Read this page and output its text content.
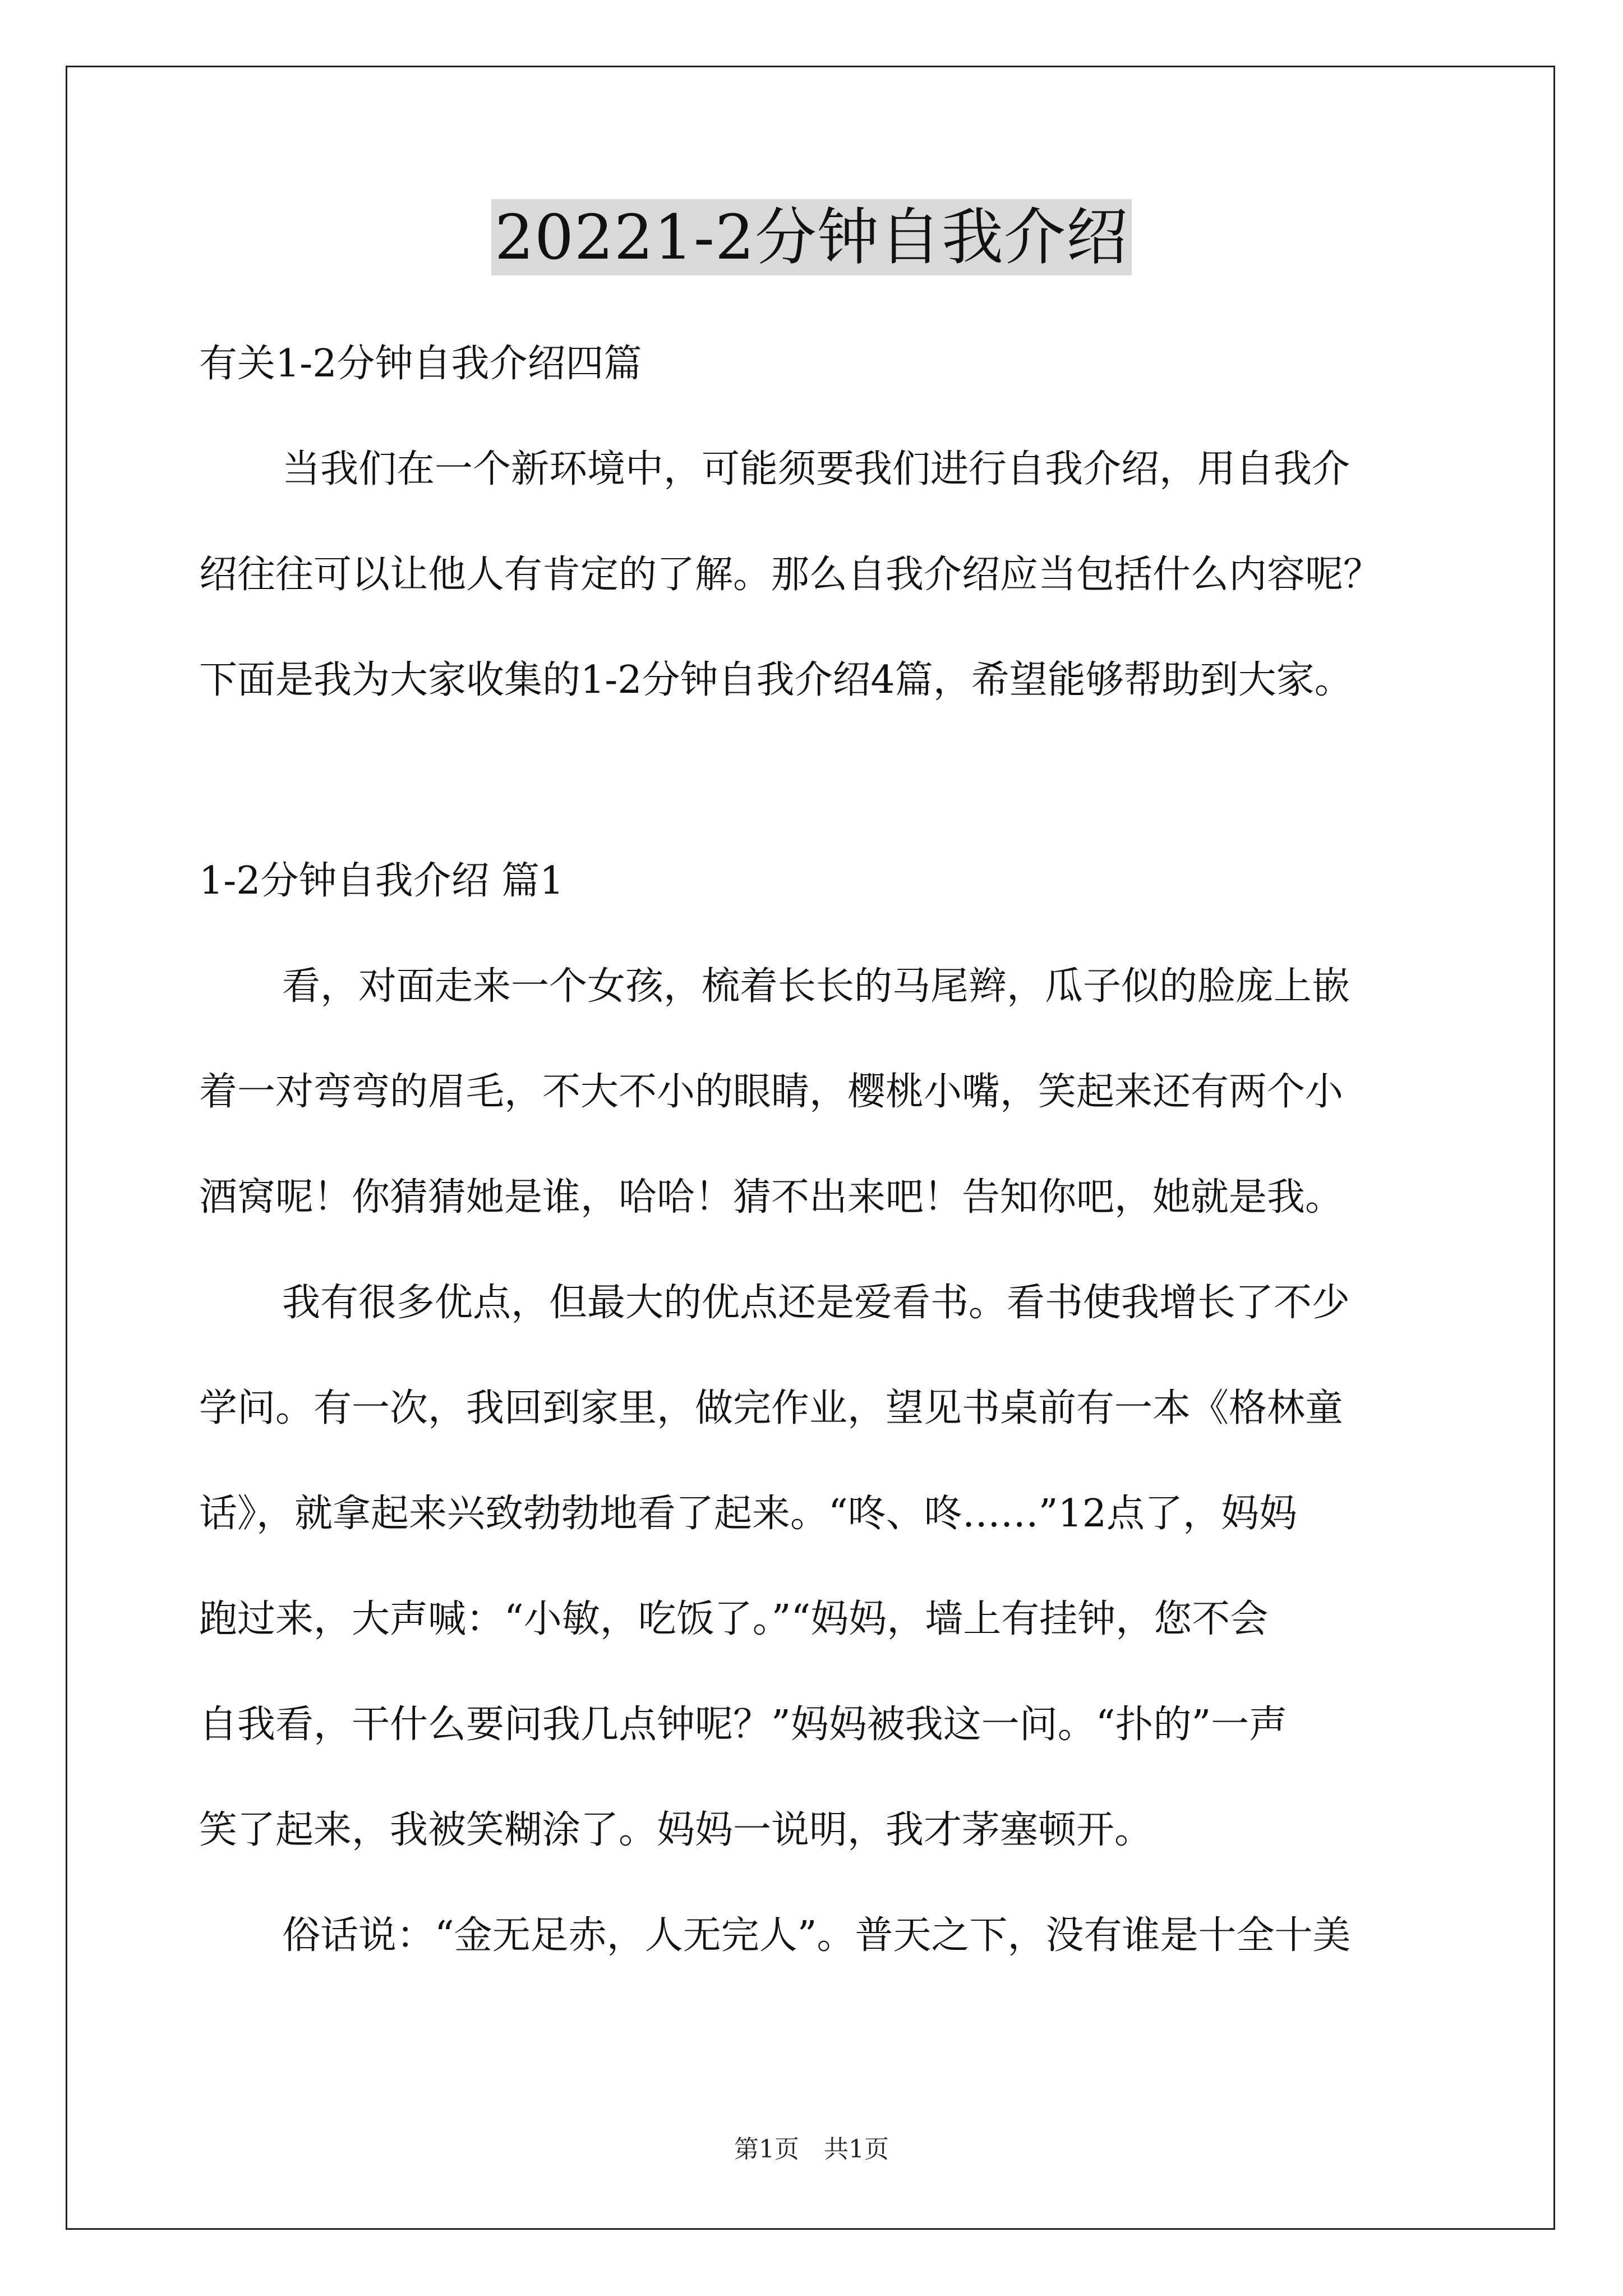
20221-2分钟自我介绍
有关1-2分钟自我介绍四篇
当我们在一个新环境中，可能须要我们进行自我介绍，用自我介
绍往往可以让他人有肯定的了解。那么自我介绍应当包括什么内容呢？
下面是我为大家收集的1-2分钟自我介绍4篇，希望能够帮助到大家。
1-2分钟自我介绍 篇1
看，对面走来一个女孩，梳着长长的马尾辫，瓜子似的脸庞上嵌
着一对弯弯的眉毛，不大不小的眼睛，樱桃小嘴，笑起来还有两个小
酒窝呢！你猜猜她是谁，哈哈！猜不出来吧！告知你吧，她就是我。
我有很多优点，但最大的优点还是爱看书。看书使我增长了不少
学问。有一次，我回到家里，做完作业，望见书桌前有一本《格林童
话》，就拿起来兴致勃勃地看了起来。“咚、咚……”12点了，妈妈
跑过来，大声喊：“小敏，吃饭了。”“妈妈，墙上有挂钟，您不会
自我看，干什么要问我几点钟呢？”妈妈被我这一问。“扑的”一声
笑了起来，我被笑糊涂了。妈妈一说明，我才茅塞顿开。
俗话说：“金无足赤，人无完人”。普天之下，没有谁是十全十美
第1页　共1页
